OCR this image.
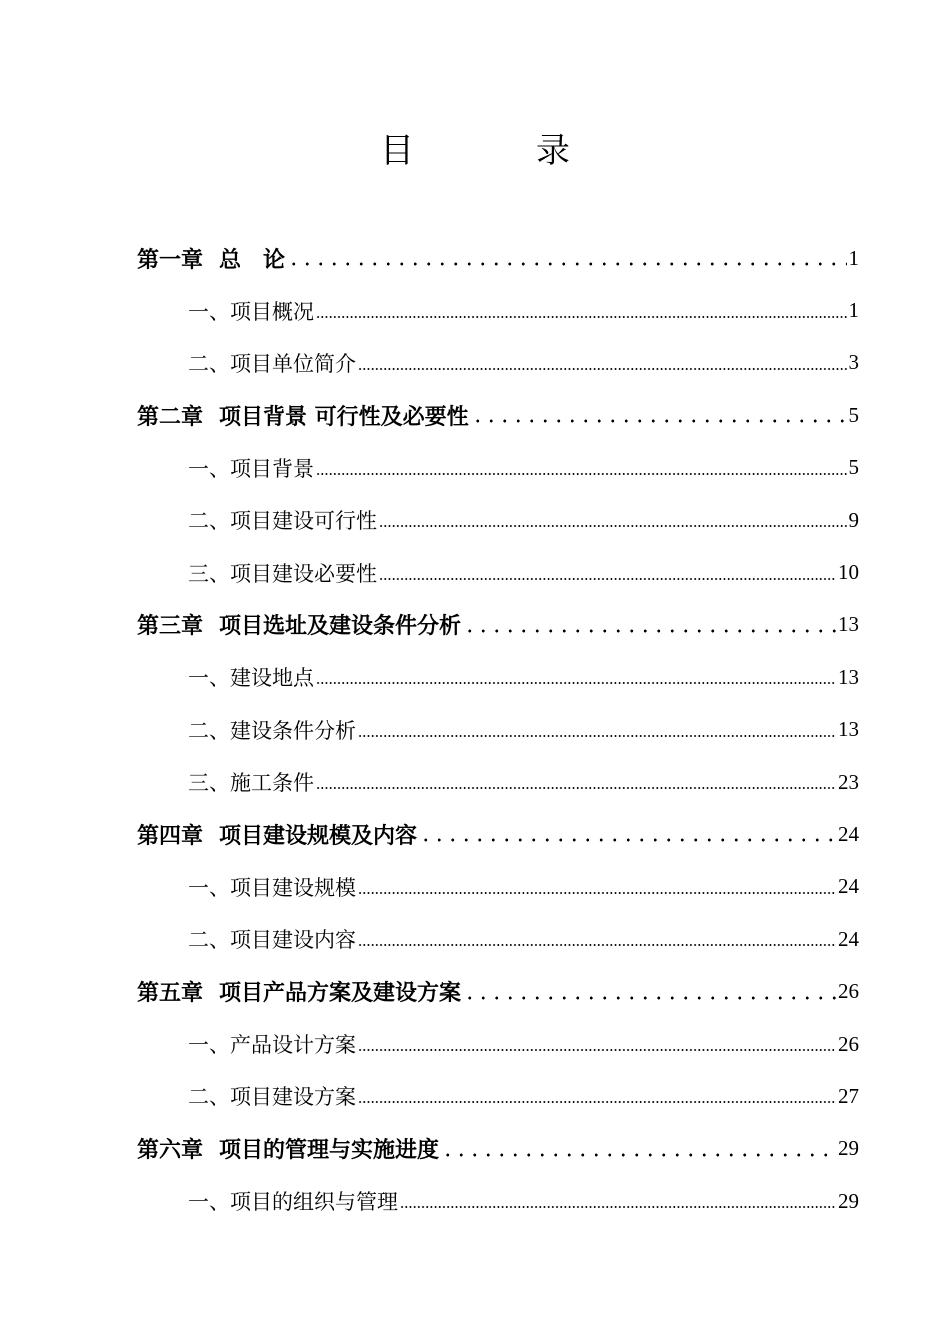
目　录
第一章 总　论	1
一、项目概况	1
二、项目单位简介	3
第二章 项目背景 可行性及必要性	5
一、项目背景	5
二、项目建设可行性	9
三、项目建设必要性	10
第三章 项目选址及建设条件分析	13
一、建设地点	13
二、建设条件分析	13
三、施工条件	23
第四章 项目建设规模及内容	24
一、项目建设规模	24
二、项目建设内容	24
第五章 项目产品方案及建设方案	26
一、产品设计方案	26
二、项目建设方案	27
第六章 项目的管理与实施进度	29
一、项目的组织与管理	29
